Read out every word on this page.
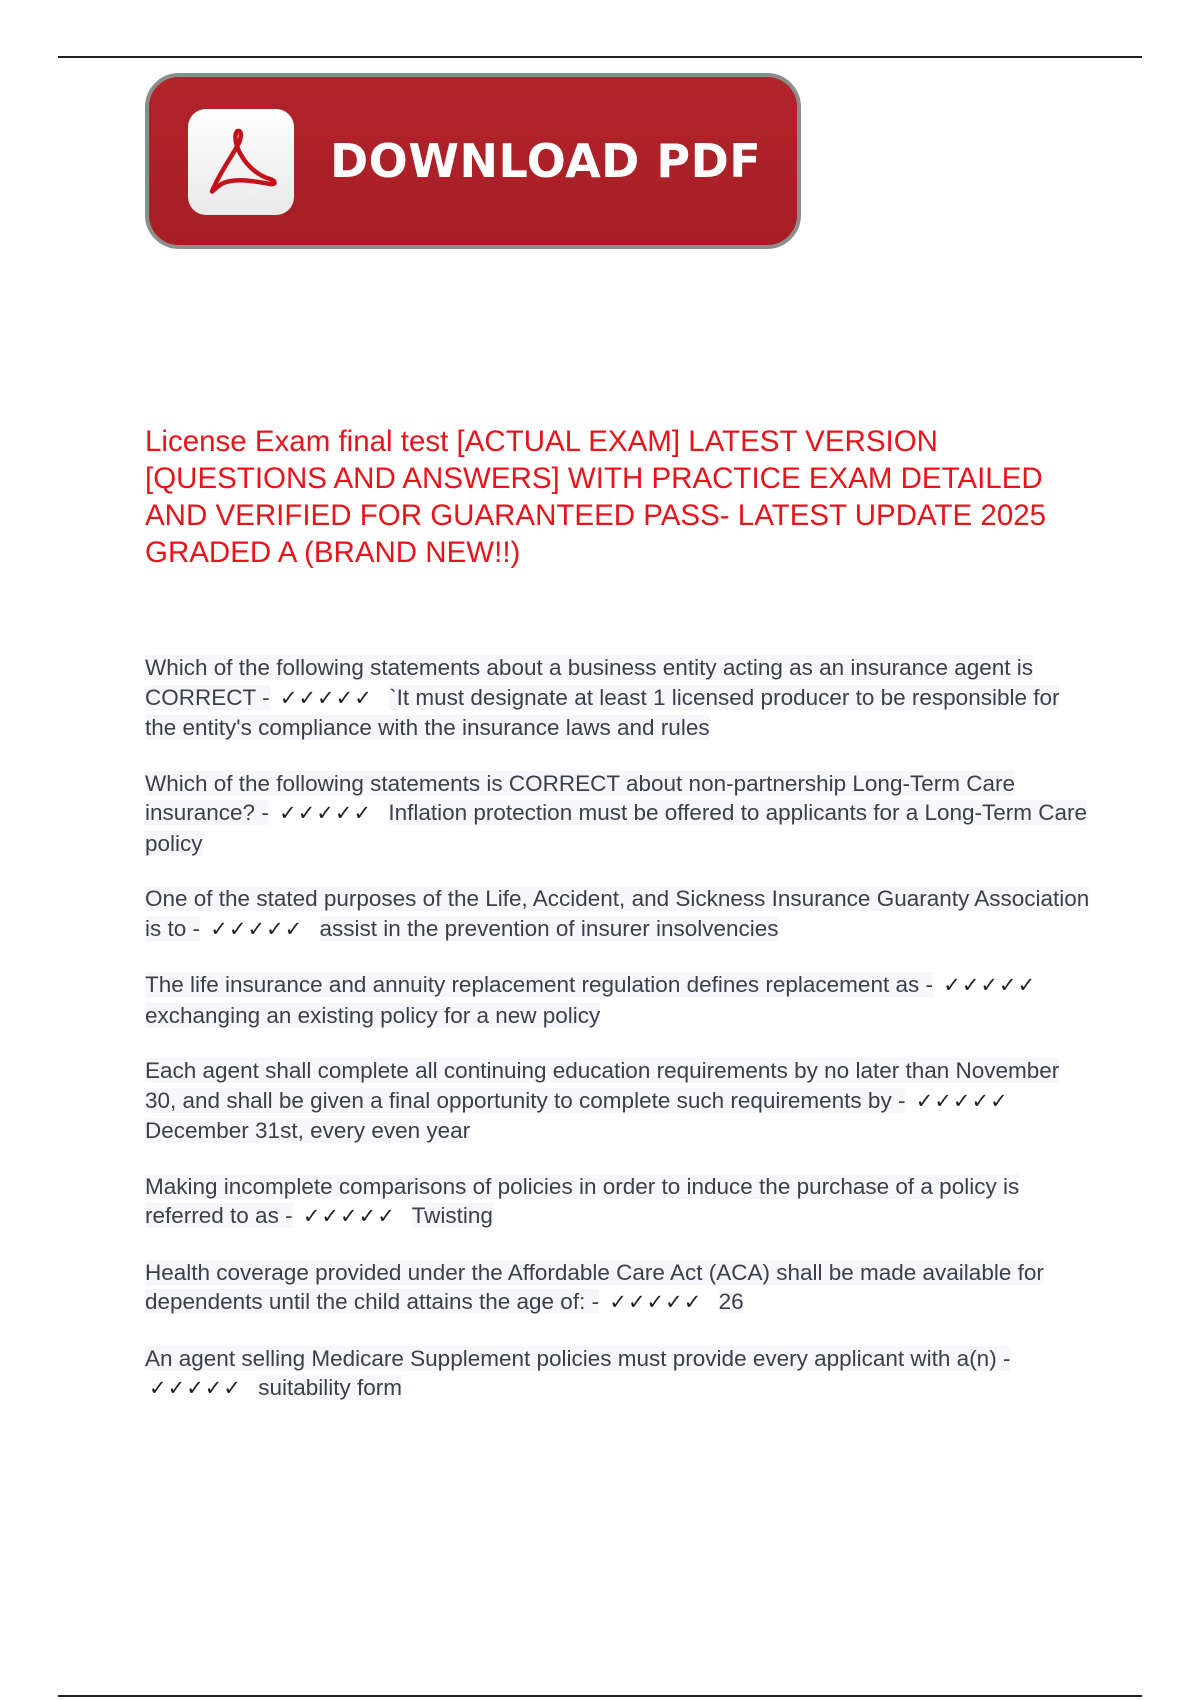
DOWNLOAD PDF
License Exam final test [ACTUAL EXAM] LATEST VERSION [QUESTIONS AND ANSWERS] WITH PRACTICE EXAM DETAILED AND VERIFIED FOR GUARANTEED PASS- LATEST UPDATE 2025 GRADED A (BRAND NEW!!)

Which of the following statements about a business entity acting as an insurance agent is CORRECT - ✓✓✓✓✓ `It must designate at least 1 licensed producer to be responsible for the entity's compliance with the insurance laws and rules

Which of the following statements is CORRECT about non-partnership Long-Term Care insurance? - ✓✓✓✓✓ Inflation protection must be offered to applicants for a Long-Term Care policy

One of the stated purposes of the Life, Accident, and Sickness Insurance Guaranty Association is to - ✓✓✓✓✓ assist in the prevention of insurer insolvencies

The life insurance and annuity replacement regulation defines replacement as - ✓✓✓✓✓ exchanging an existing policy for a new policy

Each agent shall complete all continuing education requirements by no later than November 30, and shall be given a final opportunity to complete such requirements by - ✓✓✓✓✓ December 31st, every even year

Making incomplete comparisons of policies in order to induce the purchase of a policy is referred to as - ✓✓✓✓✓ Twisting

Health coverage provided under the Affordable Care Act (ACA) shall be made available for dependents until the child attains the age of: - ✓✓✓✓✓ 26

An agent selling Medicare Supplement policies must provide every applicant with a(n) - ✓✓✓✓✓ suitability form
